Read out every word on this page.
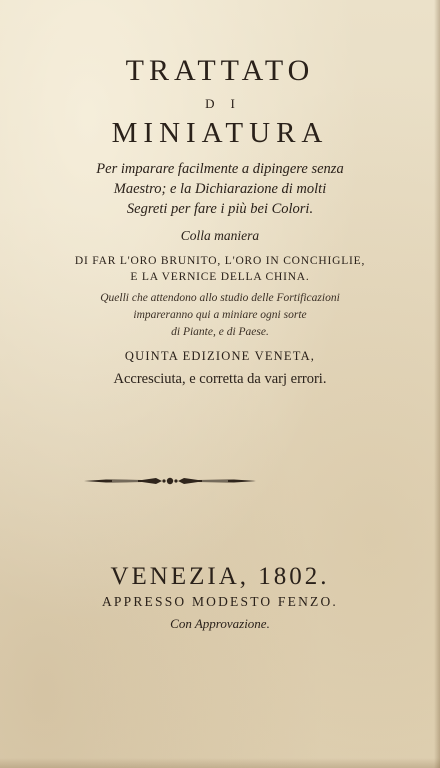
TRATTATO
DI
MINIATURA
Per imparare facilmente a dipingere senza
Maestro; e la Dichiarazione di molti
Segreti per fare i più bei Colori.
Colla maniera
DI FAR L'ORO BRUNITO, L'ORO IN CONCHIGLIE,
E LA VERNICE DELLA CHINA.
Quelli che attendono allo studio delle Fortificazioni
impareranno qui a miniare ogni sorte
di Piante, e di Paese.
QUINTA EDIZIONE VENETA,
Accresciuta, e corretta da varj errori.
VENEZIA, 1802.
APPRESSO MODESTO FENZO.
Con Approvazione.
